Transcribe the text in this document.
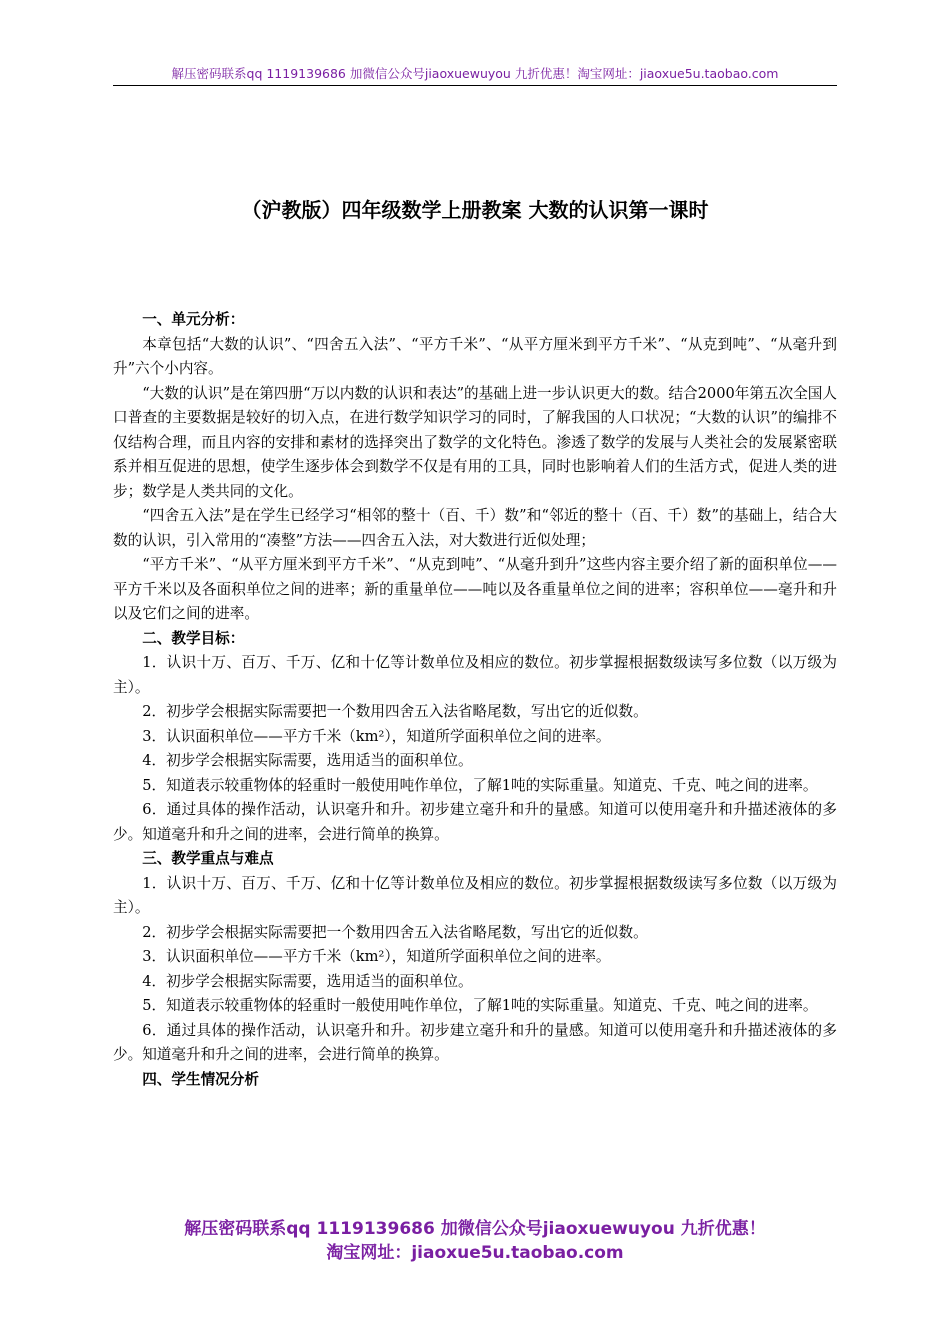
解压密码联系qq 1119139686 加微信公众号jiaoxuewuyou 九折优惠！淘宝网址：jiaoxue5u.taobao.com
（沪教版）四年级数学上册教案 大数的认识第一课时
一、单元分析：

本章包括“大数的认识”、“四舍五入法”、“平方千米”、“从平方厘米到平方千米”、“从克到吨”、“从毫升到升”六个小内容。

“大数的认识”是在第四册“万以内数的认识和表达”的基础上进一步认识更大的数。结合2000年第五次全国人口普查的主要数据是较好的切入点，在进行数学知识学习的同时，了解我国的人口状况；“大数的认识”的编排不仅结构合理，而且内容的安排和素材的选择突出了数学的文化特色。渗透了数学的发展与人类社会的发展紧密联系并相互促进的思想，使学生逐步体会到数学不仅是有用的工具，同时也影响着人们的生活方式，促进人类的进步；数学是人类共同的文化。

“四舍五入法”是在学生已经学习“相邻的整十（百、千）数”和“邻近的整十（百、千）数”的基础上，结合大数的认识，引入常用的“凑整”方法——四舍五入法，对大数进行近似处理；

“平方千米”、“从平方厘米到平方千米”、“从克到吨”、“从毫升到升”这些内容主要介绍了新的面积单位——平方千米以及各面积单位之间的进率；新的重量单位——吨以及各重量单位之间的进率；容积单位——毫升和升以及它们之间的进率。

二、教学目标：

1．认识十万、百万、千万、亿和十亿等计数单位及相应的数位。初步掌握根据数级读写多位数（以万级为主）。

2．初步学会根据实际需要把一个数用四舍五入法省略尾数，写出它的近似数。

3．认识面积单位——平方千米（km²），知道所学面积单位之间的进率。

4．初步学会根据实际需要，选用适当的面积单位。

5．知道表示较重物体的轻重时一般使用吨作单位，了解1吨的实际重量。知道克、千克、吨之间的进率。

6．通过具体的操作活动，认识毫升和升。初步建立毫升和升的量感。知道可以使用毫升和升描述液体的多少。知道毫升和升之间的进率，会进行简单的换算。

三、教学重点与难点

1．认识十万、百万、千万、亿和十亿等计数单位及相应的数位。初步掌握根据数级读写多位数（以万级为主）。

2．初步学会根据实际需要把一个数用四舍五入法省略尾数，写出它的近似数。

3．认识面积单位——平方千米（km²），知道所学面积单位之间的进率。

4．初步学会根据实际需要，选用适当的面积单位。

5．知道表示较重物体的轻重时一般使用吨作单位，了解1吨的实际重量。知道克、千克、吨之间的进率。

6．通过具体的操作活动，认识毫升和升。初步建立毫升和升的量感。知道可以使用毫升和升描述液体的多少。知道毫升和升之间的进率，会进行简单的换算。

四、学生情况分析
解压密码联系qq 1119139686 加微信公众号jiaoxuewuyou 九折优惠！
淘宝网址：jiaoxue5u.taobao.com
